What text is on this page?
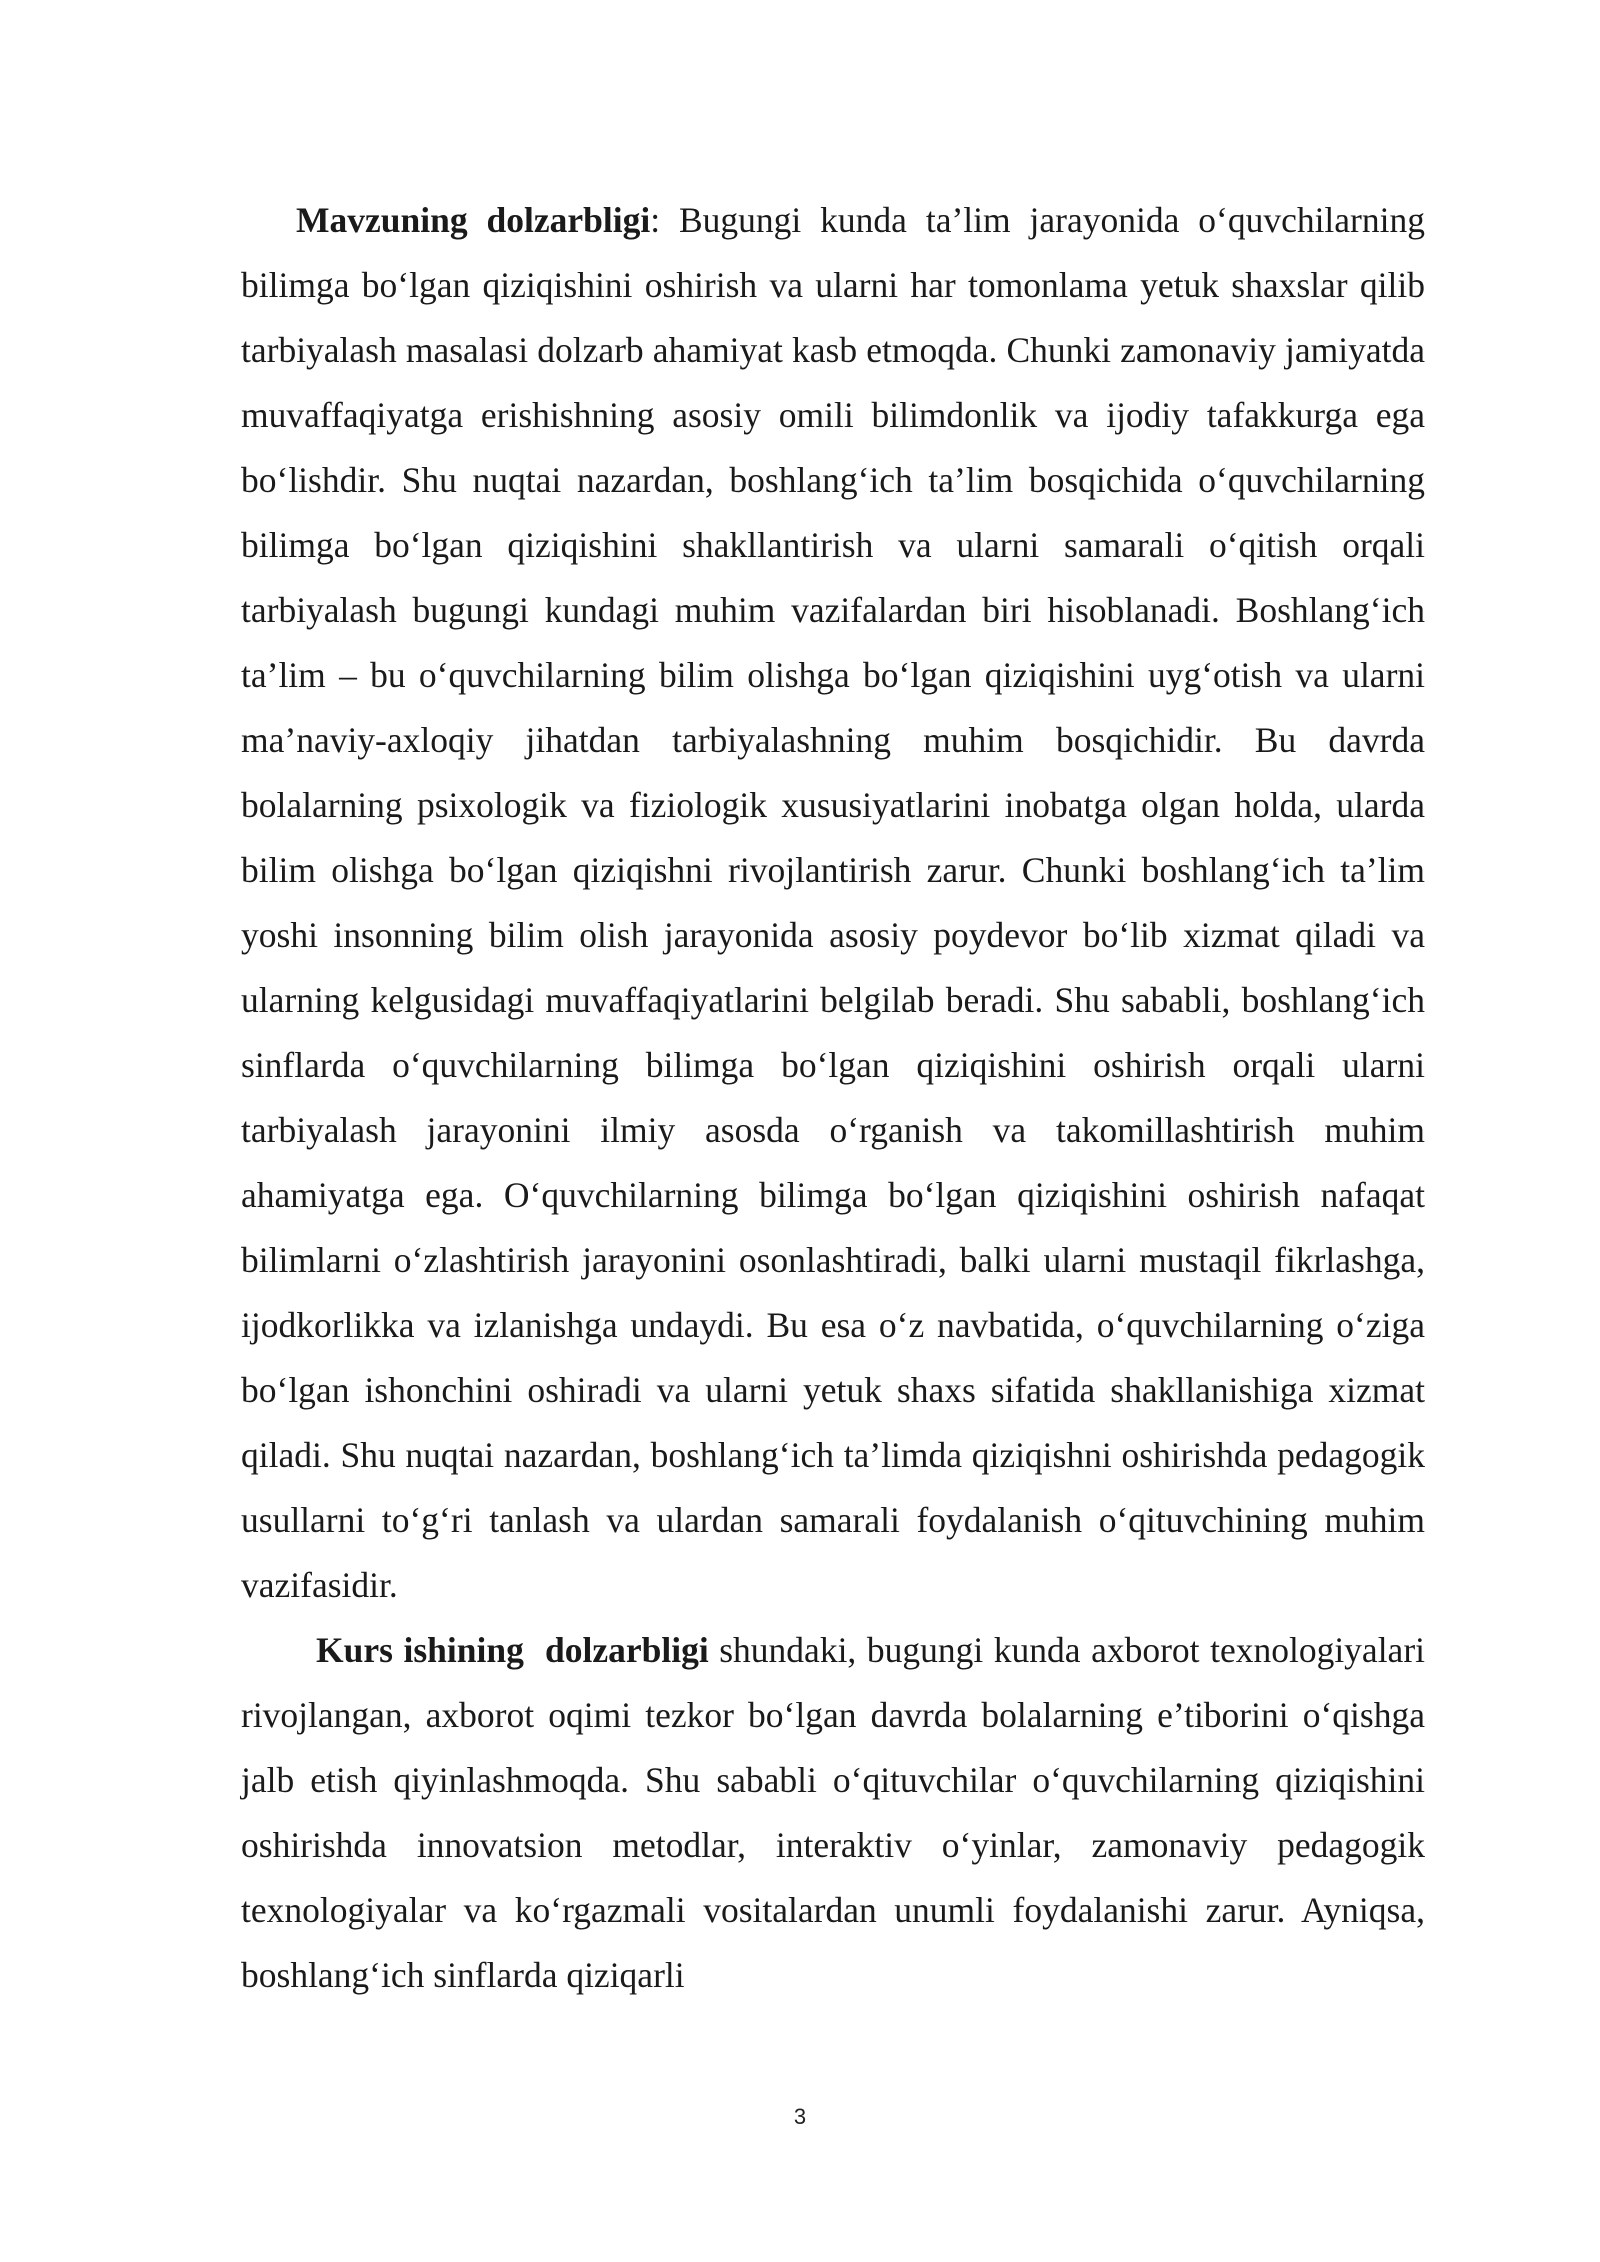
Mavzuning dolzarbligi: Bugungi kunda ta’lim jarayonida o‘quvchilarning bilimga bo‘lgan qiziqishini oshirish va ularni har tomonlama yetuk shaxslar qilib tarbiyalash masalasi dolzarb ahamiyat kasb etmoqda. Chunki zamonaviy jamiyatda muvaffaqiyatga erishishning asosiy omili bilimdonlik va ijodiy tafakkurga ega bo‘lishdir. Shu nuqtai nazardan, boshlang‘ich ta’lim bosqichida o‘quvchilarning bilimga bo‘lgan qiziqishini shakllantirish va ularni samarali o‘qitish orqali tarbiyalash bugungi kundagi muhim vazifalardan biri hisoblanadi. Boshlang‘ich ta’lim – bu o‘quvchilarning bilim olishga bo‘lgan qiziqishini uyg‘otish va ularni ma’naviy-axloqiy jihatdan tarbiyalashning muhim bosqichidir. Bu davrda bolalarning psixologik va fiziologik xususiyatlarini inobatga olgan holda, ularda bilim olishga bo‘lgan qiziqishni rivojlantirish zarur. Chunki boshlang‘ich ta’lim yoshi insonning bilim olish jarayonida asosiy poydevor bo‘lib xizmat qiladi va ularning kelgusidagi muvaffaqiyatlarini belgilab beradi. Shu sababli, boshlang‘ich sinflarda o‘quvchilarning bilimga bo‘lgan qiziqishini oshirish orqali ularni tarbiyalash jarayonini ilmiy asosda o‘rganish va takomillashtirish muhim ahamiyatga ega. O‘quvchilarning bilimga bo‘lgan qiziqishini oshirish nafaqat bilimlarni o‘zlashtirish jarayonini osonlashtiradi, balki ularni mustaqil fikrlashga, ijodkorlikka va izlanishga undaydi. Bu esa o‘z navbatida, o‘quvchilarning o‘ziga bo‘lgan ishonchini oshiradi va ularni yetuk shaxs sifatida shakllanishiga xizmat qiladi. Shu nuqtai nazardan, boshlang‘ich ta’limda qiziqishni oshirishda pedagogik usullarni to‘g‘ri tanlash va ulardan samarali foydalanish o‘qituvchining muhim vazifasidir.

Kurs ishining  dolzarbligi shundaki, bugungi kunda axborot texnologiyalari rivojlangan, axborot oqimi tezkor bo‘lgan davrda bolalarning e’tiborini o‘qishga jalb etish qiyinlashmoqda. Shu sababli o‘qituvchilar o‘quvchilarning qiziqishini oshirishda innovatsion metodlar, interaktiv o‘yinlar, zamonaviy pedagogik texnologiyalar va ko‘rgazmali vositalardan unumli foydalanishi zarur. Ayniqsa, boshlang‘ich sinflarda qiziqarli

3
